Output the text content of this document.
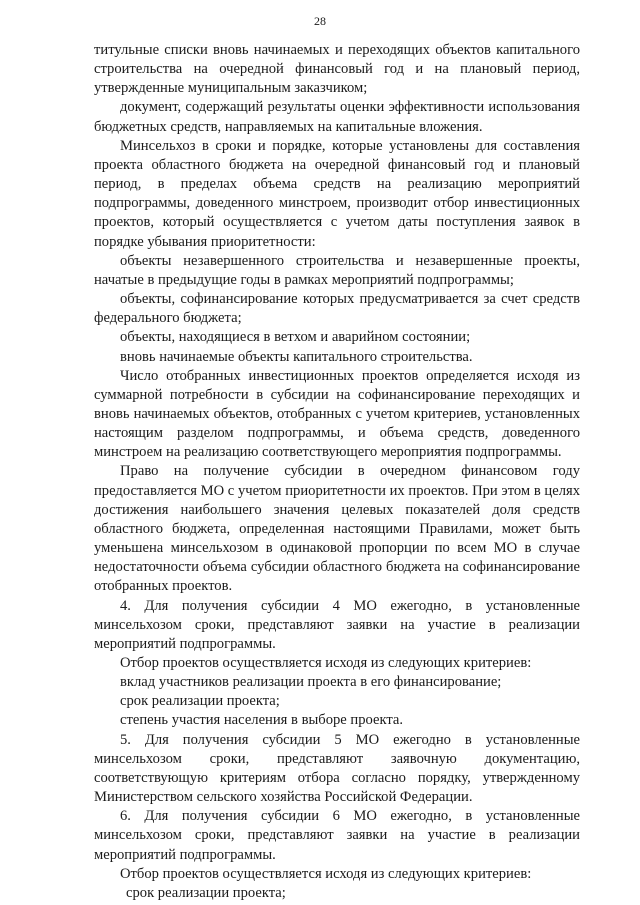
28

титульные списки вновь начинаемых и переходящих объектов капитального строительства на очередной финансовый год и на плановый период, утвержденные муниципальным заказчиком;

документ, содержащий результаты оценки эффективности использования бюджетных средств, направляемых на капитальные вложения.

Минсельхоз в сроки и порядке, которые установлены для составления проекта областного бюджета на очередной финансовый год и плановый период, в пределах объема средств на реализацию мероприятий подпрограммы, доведенного минстроем, производит отбор инвестиционных проектов, который осуществляется с учетом даты поступления заявок в порядке убывания приоритетности:

объекты незавершенного строительства и незавершенные проекты, начатые в предыдущие годы в рамках мероприятий подпрограммы;

объекты, софинансирование которых предусматривается за счет средств федерального бюджета;

объекты, находящиеся в ветхом и аварийном состоянии;

вновь начинаемые объекты капитального строительства.

Число отобранных инвестиционных проектов определяется исходя из суммарной потребности в субсидии на софинансирование переходящих и вновь начинаемых объектов, отобранных с учетом критериев, установленных настоящим разделом подпрограммы, и объема средств, доведенного минстроем на реализацию соответствующего мероприятия подпрограммы.

Право на получение субсидии в очередном финансовом году предоставляется МО с учетом приоритетности их проектов. При этом в целях достижения наибольшего значения целевых показателей доля средств областного бюджета, определенная настоящими Правилами, может быть уменьшена минсельхозом в одинаковой пропорции по всем МО в случае недостаточности объема субсидии областного бюджета на софинансирование отобранных проектов.

4. Для получения субсидии 4 МО ежегодно, в установленные минсельхозом сроки, представляют заявки на участие в реализации мероприятий подпрограммы.

Отбор проектов осуществляется исходя из следующих критериев:

вклад участников реализации проекта в его финансирование;

срок реализации проекта;

степень участия населения в выборе проекта.

5. Для получения субсидии 5 МО ежегодно в установленные минсельхозом сроки, представляют заявочную документацию, соответствующую критериям отбора согласно порядку, утвержденному Министерством сельского хозяйства Российской Федерации.

6. Для получения субсидии 6 МО ежегодно, в установленные минсельхозом сроки, представляют заявки на участие в реализации мероприятий подпрограммы.

Отбор проектов осуществляется исходя из следующих критериев:

срок реализации проекта;
